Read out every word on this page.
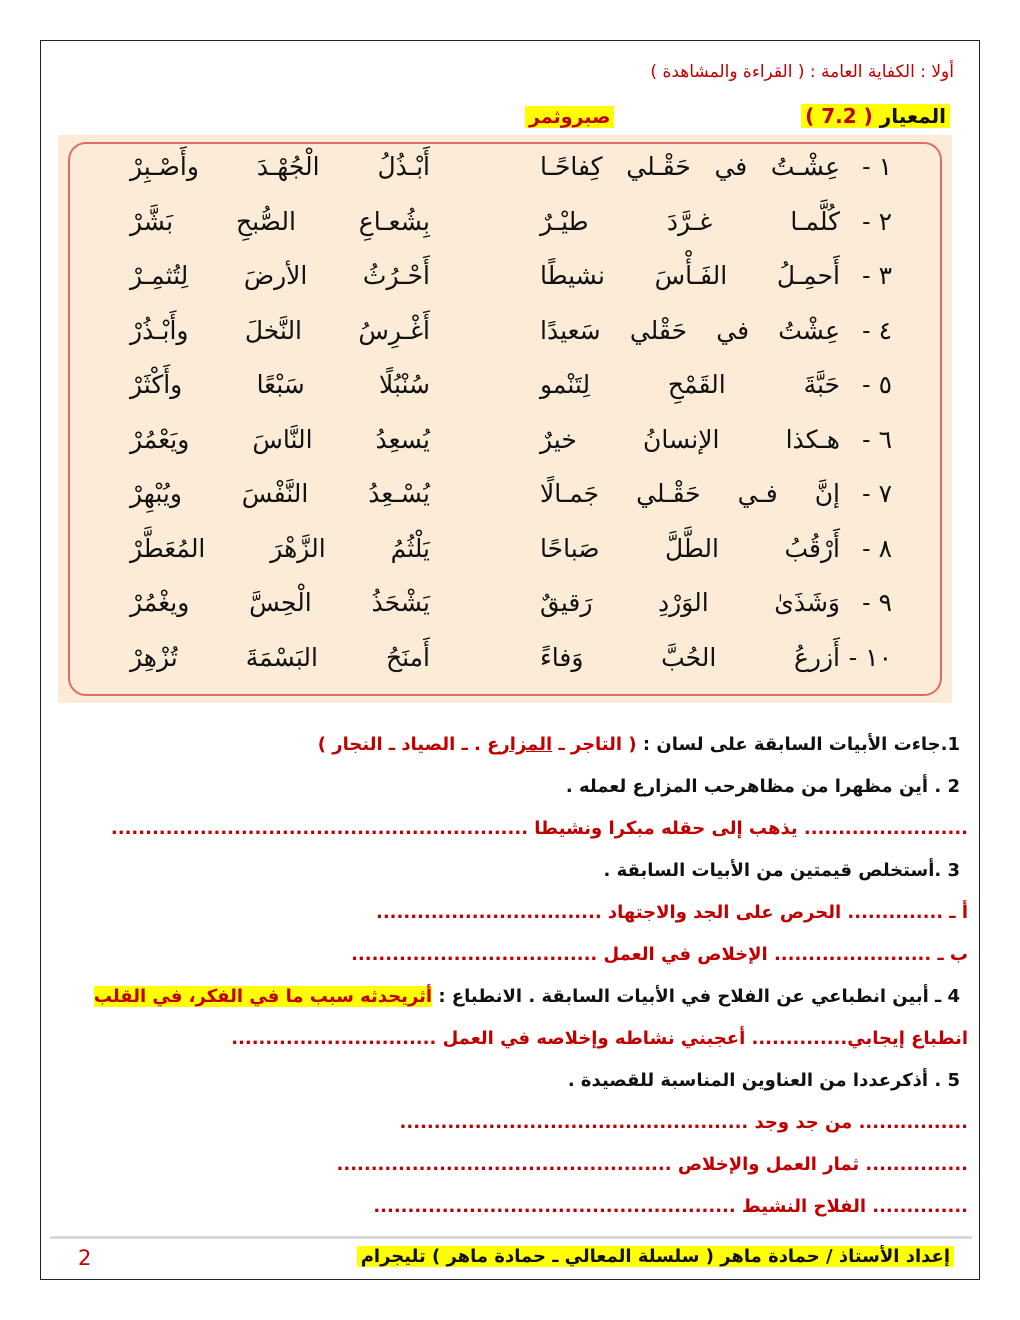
أولا : الكفاية العامة : ( القراءة والمشاهدة )
المعيار ( 7.2 )
صبروثمر
١ -
عِشْـتُ في حَقْـلي كِفاحًـا
أَبْـذُلُ الْجُهْـدَ وأَصْـبِرْ
٢ -
كُلَّمـا غـرَّدَ طيْـرٌ
بِشُعـاعِ الصُّبحِ بَشَّرْ
٣ -
أَحمِـلُ الفَـأْسَ نشيطًا
أَحْـرُثُ الأرضَ لِتُثمِـرْ
٤ -
عِشْتُ في حَقْلي سَعيدًا
أَغْـرِسُ النَّخلَ وأَبْـذُرْ
٥ -
حَبَّةَ القَمْحِ لِتَنْمو
سُنْبُلًا سَبْعًا وأَكْثَرْ
٦ -
هـكذا الإنسانُ خيرٌ
يُسعِدُ النَّاسَ ويَعْمُرْ
٧ -
إنَّ فـي حَقْـلي جَمـالًا
يُسْـعِدُ النَّفْسَ ويُبْهِرْ
٨ -
أَرْقُبُ الطَّلَّ صَباحًا
يَلْثُمُ الزَّهْرَ المُعَطَّرْ
٩ -
وَشَذَىٰ الوَرْدِ رَقيقٌ
يَشْحَذُ الْحِسَّ ويغْمُرْ
١٠ -
أَزرعُ الحُبَّ وَفاءً
أَمنَحُ البَسْمَةَ تُزْهِرْ
1.جاءت الأبيات السابقة على لسان : ( التاجر ـ المزارع . ـ الصياد ـ النجار )
2 . أين مظهرا من مظاهرحب المزارع لعمله .
........................ يذهب إلى حقله مبكرا ونشيطا .............................................................
3 .أستخلص قيمتين من الأبيات السابقة .
أ ـ .............. الحرص على الجد والاجتهاد .................................
ب ـ ....................... الإخلاص في العمل ....................................
4 ـ أبين انطباعي عن الفلاح في الأبيات السابقة . الانطباع : أثريحدثه سبب ما في الفكر، في القلب
انطباع إيجابي.............. أعجبني نشاطه وإخلاصه في العمل ..............................
5 . أذكرعددا من العناوين المناسبة للقصيدة .
................ من جد وجد ...................................................
............... ثمار العمل والإخلاص .................................................
.............. الفلاح النشيط .....................................................
إعداد الأستاذ / حمادة ماهر ( سلسلة المعالي ـ حمادة ماهر ) تليجرام
2
